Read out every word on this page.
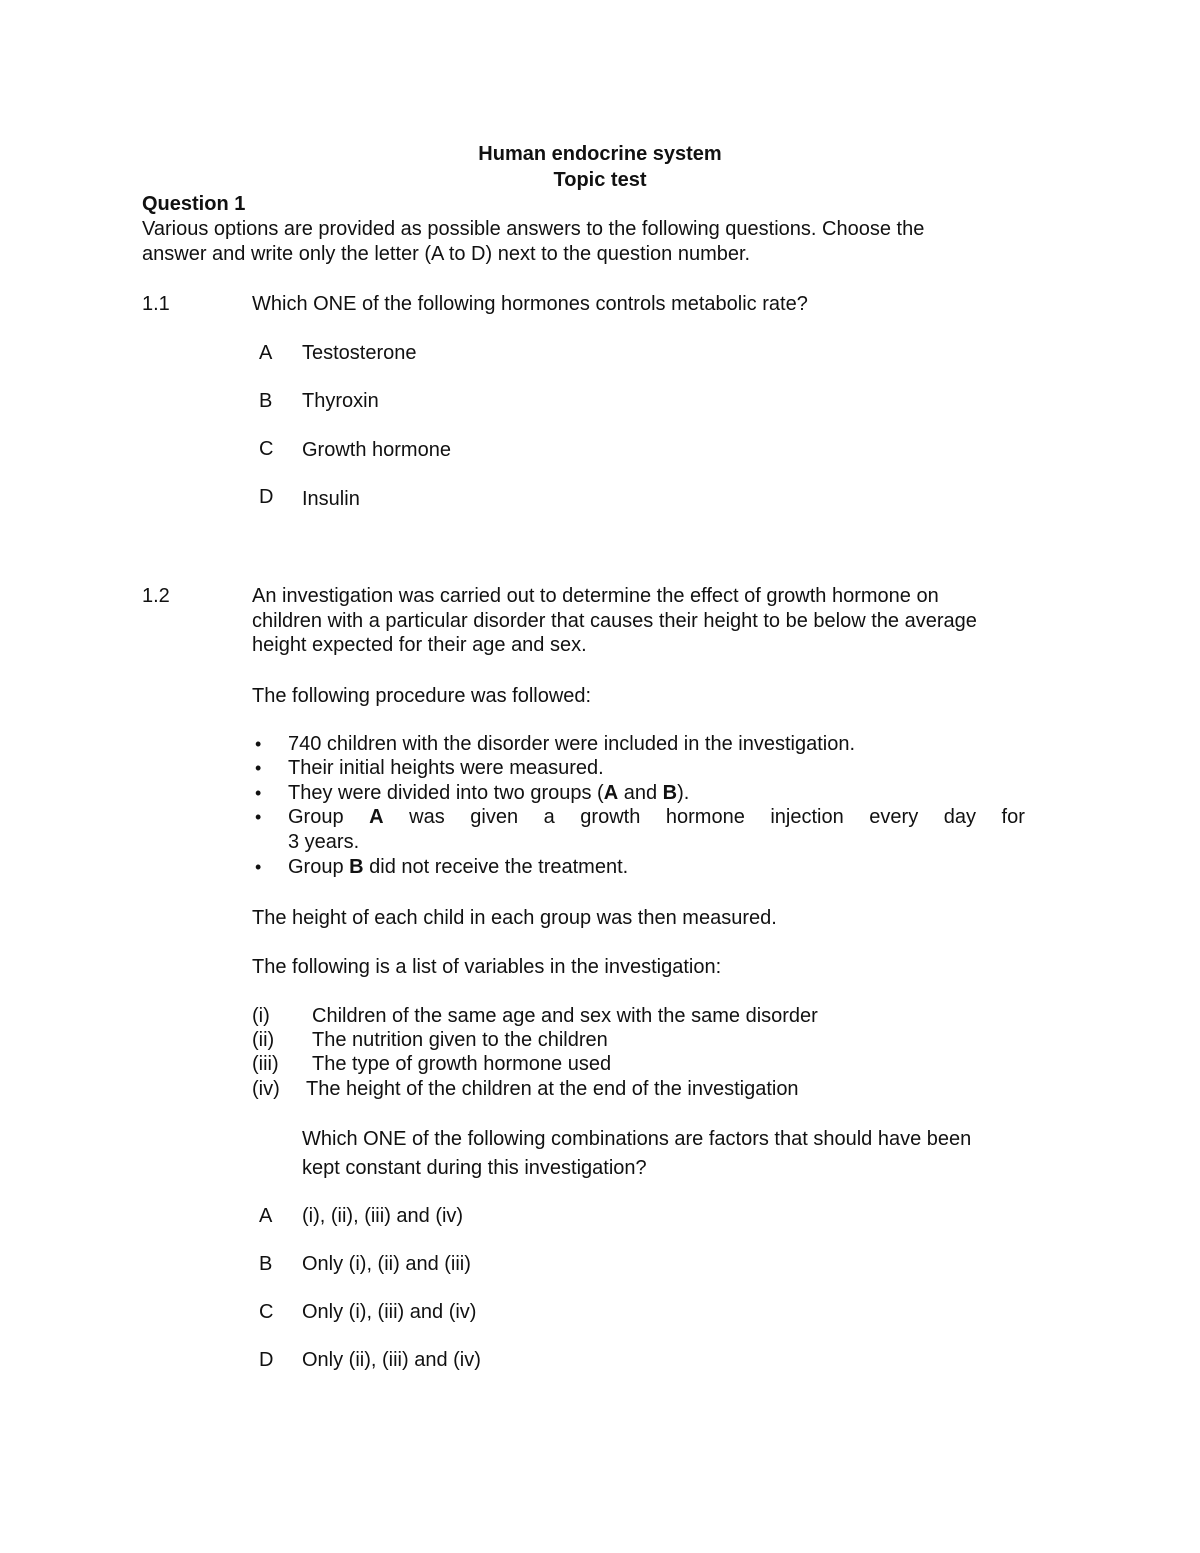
Human endocrine system
Topic test
Question 1
Various options are provided as possible answers to the following questions. Choose the
answer and write only the letter (A to D) next to the question number.
1.1	Which ONE of the following hormones controls metabolic rate?
A Testosterone
B Thyroxin
C Growth hormone
D Insulin
1.2	An investigation was carried out to determine the effect of growth hormone on
children with a particular disorder that causes their height to be below the average
height expected for their age and sex.
The following procedure was followed:
• 740 children with the disorder were included in the investigation.
• Their initial heights were measured.
• They were divided into two groups (A and B).
• Group A was given a growth hormone injection every day for
3 years.
• Group B did not receive the treatment.
The height of each child in each group was then measured.
The following is a list of variables in the investigation:
(i) Children of the same age and sex with the same disorder
(ii) The nutrition given to the children
(iii) The type of growth hormone used
(iv) The height of the children at the end of the investigation
Which ONE of the following combinations are factors that should have been
kept constant during this investigation?
A (i), (ii), (iii) and (iv)
B Only (i), (ii) and (iii)
C Only (i), (iii) and (iv)
D Only (ii), (iii) and (iv)
